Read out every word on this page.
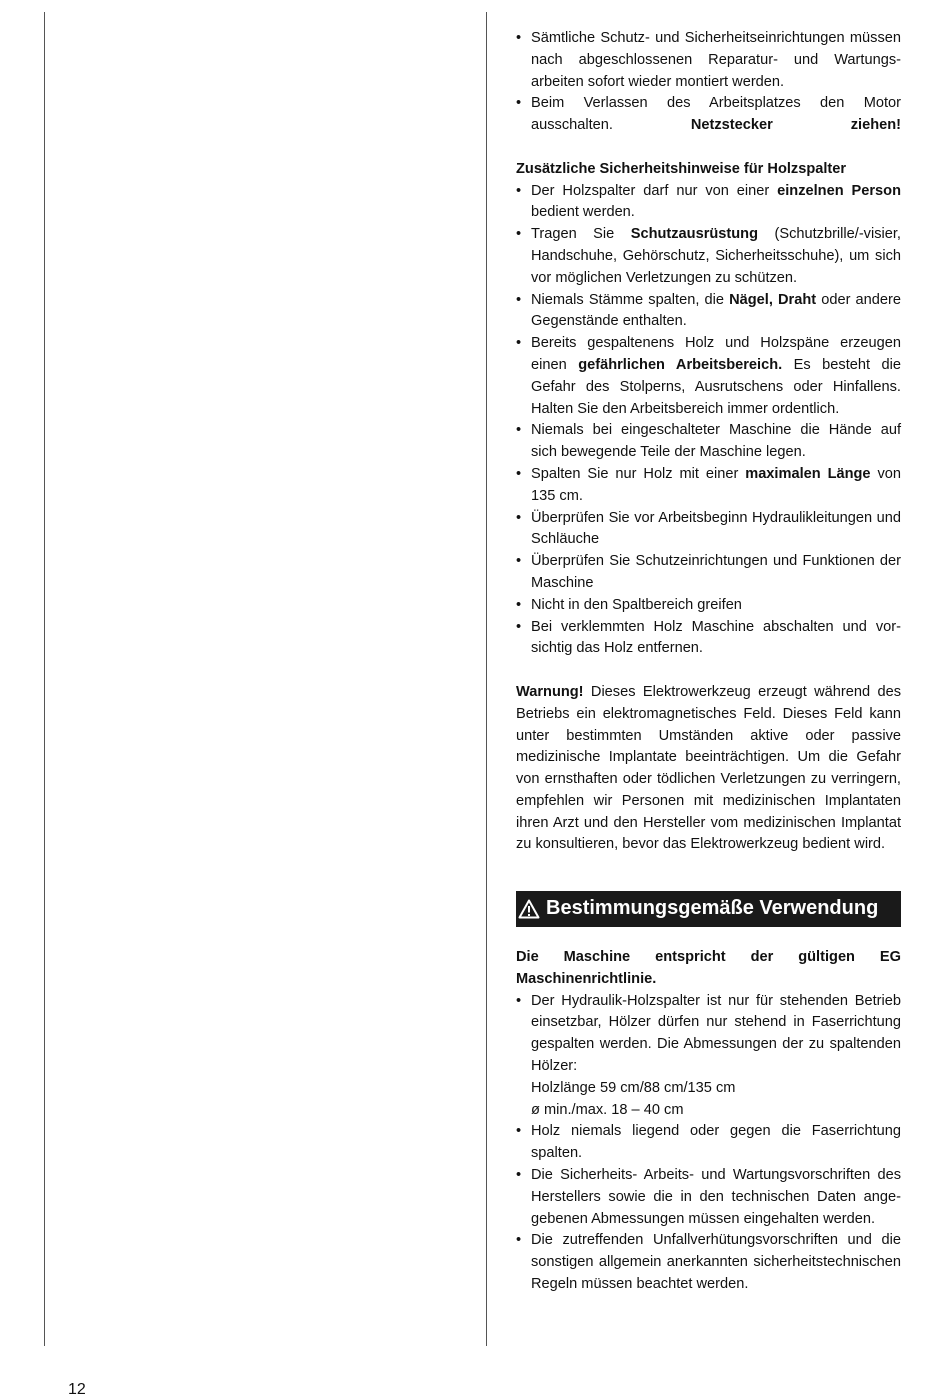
• Sämtliche Schutz- und Sicherheitseinrichtungen müssen nach abgeschlossenen Reparatur- und Wartungsarbeiten sofort wieder montiert werden.
• Beim Verlassen des Arbeitsplatzes den Motor ausschalten. Netzstecker ziehen!
Zusätzliche Sicherheitshinweise für Holzspalter
• Der Holzspalter darf nur von einer einzelnen Person bedient werden.
• Tragen Sie Schutzausrüstung (Schutzbrille/-visier, Handschuhe, Gehörschutz, Sicherheitsschuhe), um sich vor möglichen Verletzungen zu schützen.
• Niemals Stämme spalten, die Nägel, Draht oder andere Gegenstände enthalten.
• Bereits gespaltenens Holz und Holzspäne erzeugen einen gefährlichen Arbeitsbereich. Es besteht die Gefahr des Stolperns, Ausrutschens oder Hinfallens. Halten Sie den Arbeitsbereich immer ordentlich.
• Niemals bei eingeschalteter Maschine die Hände auf sich bewegende Teile der Maschine legen.
• Spalten Sie nur Holz mit einer maximalen Länge von 135 cm.
• Überprüfen Sie vor Arbeitsbeginn Hydraulikleitungen und Schläuche
• Überprüfen Sie Schutzeinrichtungen und Funktionen der Maschine
• Nicht in den Spaltbereich greifen
• Bei verklemmten Holz Maschine abschalten und vorsichtig das Holz entfernen.

Warnung! Dieses Elektrowerkzeug erzeugt während des Betriebs ein elektromagnetisches Feld. Dieses Feld kann unter bestimmten Umständen aktive oder passive medizinische Implantate beeinträchtigen. Um die Gefahr von ernsthaften oder tödlichen Verletzungen zu verringern, empfehlen wir Personen mit medizinischen Implantaten ihren Arzt und den Hersteller vom medizinischen Implantat zu konsultieren, bevor das Elektrowerkzeug bedient wird.

Bestimmungsgemäße Verwendung

Die Maschine entspricht der gültigen EG Maschinenrichtlinie.

• Der Hydraulik-Holzspalter ist nur für stehenden Betrieb einsetzbar, Hölzer dürfen nur stehend in Faserrichtung gespalten werden. Die Abmessungen der zu spaltenden Hölzer:
Holzlänge 59 cm/88 cm/135 cm
ø min./max. 18 – 40 cm
• Holz niemals liegend oder gegen die Faserrichtung spalten.
• Die Sicherheits- Arbeits- und Wartungsvorschriften des Herstellers sowie die in den technischen Daten angegebenen Abmessungen müssen eingehalten werden.
• Die zutreffenden Unfallverhütungsvorschriften und die sonstigen allgemein anerkannten sicherheitstechnischen Regeln müssen beachtet werden.
12
